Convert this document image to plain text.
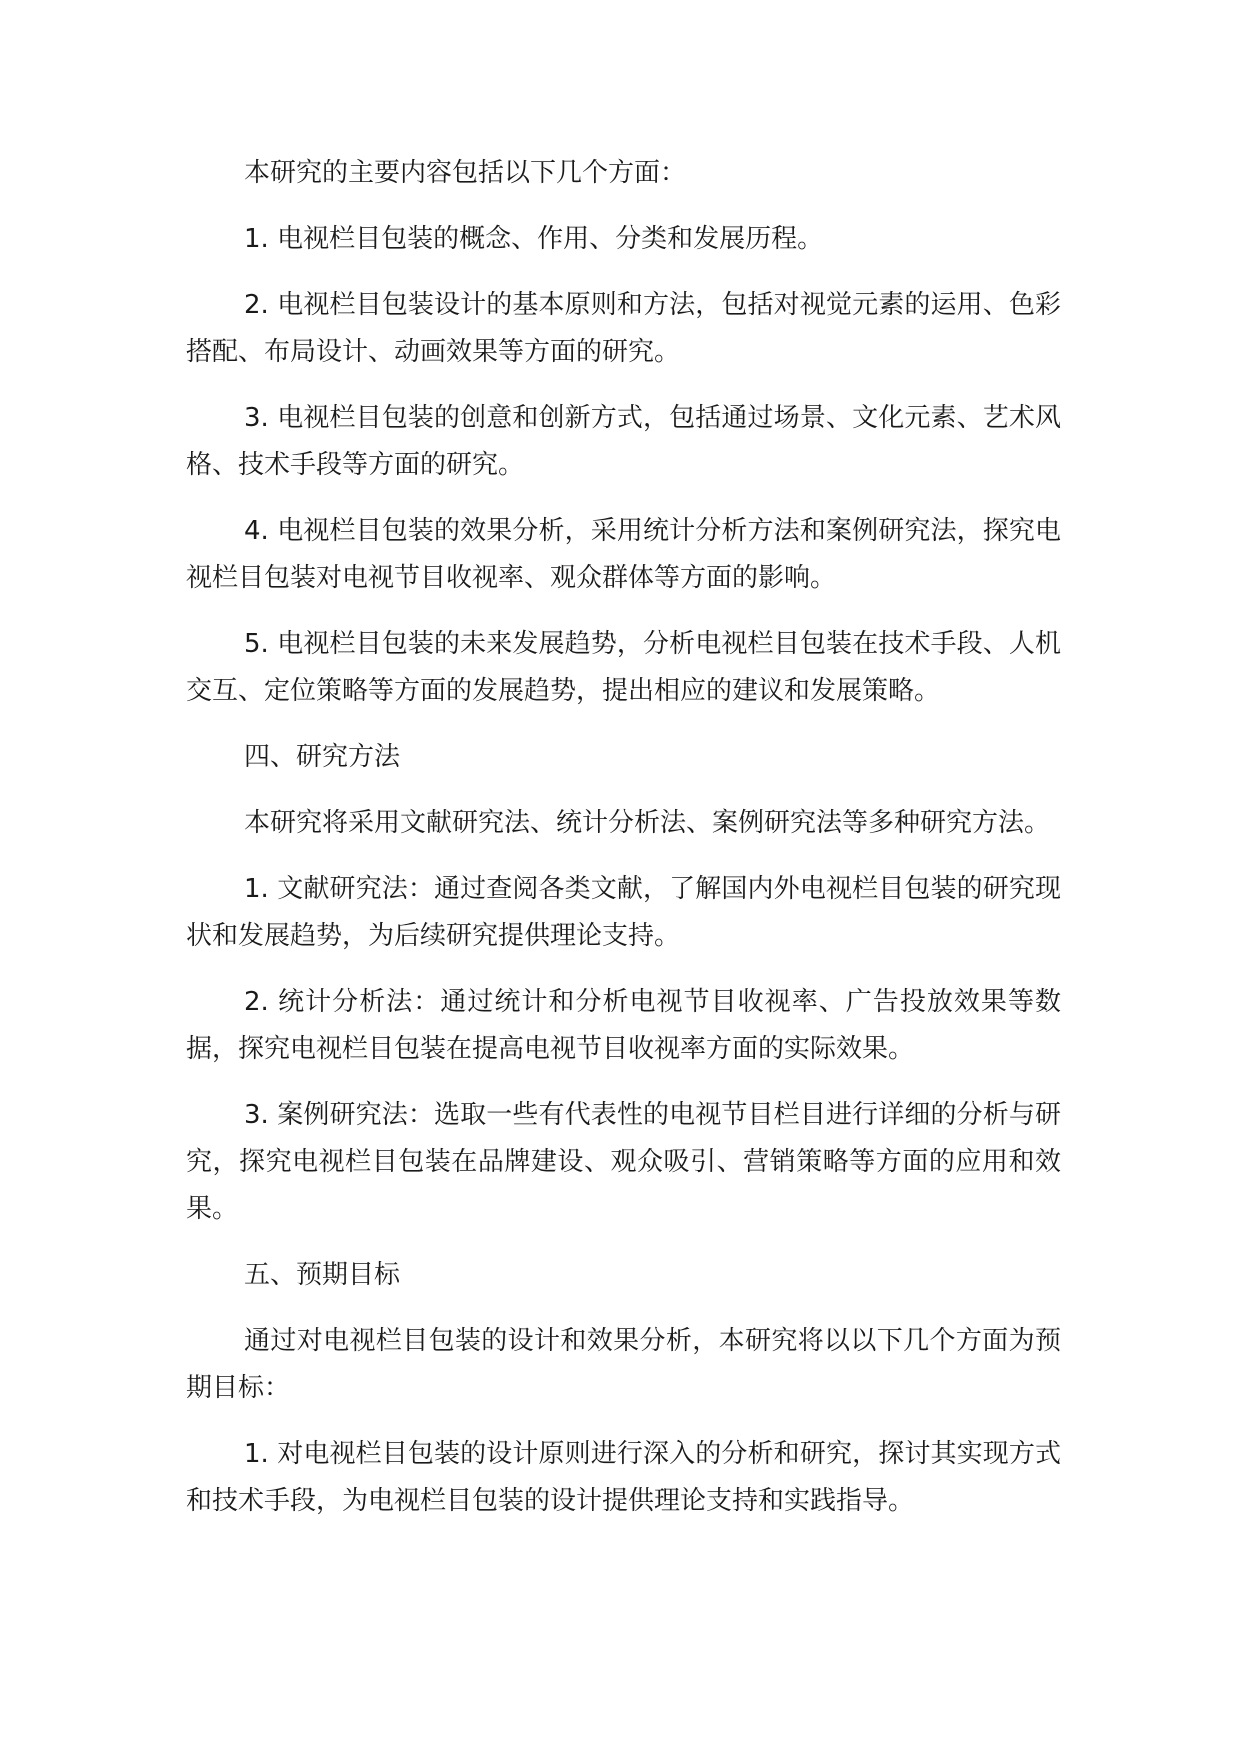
本研究的主要内容包括以下几个方面：

1. 电视栏目包装的概念、作用、分类和发展历程。

2. 电视栏目包装设计的基本原则和方法，包括对视觉元素的运用、色彩搭配、布局设计、动画效果等方面的研究。

3. 电视栏目包装的创意和创新方式，包括通过场景、文化元素、艺术风格、技术手段等方面的研究。

4. 电视栏目包装的效果分析，采用统计分析方法和案例研究法，探究电视栏目包装对电视节目收视率、观众群体等方面的影响。

5. 电视栏目包装的未来发展趋势，分析电视栏目包装在技术手段、人机交互、定位策略等方面的发展趋势，提出相应的建议和发展策略。

四、研究方法

本研究将采用文献研究法、统计分析法、案例研究法等多种研究方法。

1. 文献研究法：通过查阅各类文献，了解国内外电视栏目包装的研究现状和发展趋势，为后续研究提供理论支持。

2. 统计分析法：通过统计和分析电视节目收视率、广告投放效果等数据，探究电视栏目包装在提高电视节目收视率方面的实际效果。

3. 案例研究法：选取一些有代表性的电视节目栏目进行详细的分析与研究，探究电视栏目包装在品牌建设、观众吸引、营销策略等方面的应用和效果。

五、预期目标

通过对电视栏目包装的设计和效果分析，本研究将以以下几个方面为预期目标：

1. 对电视栏目包装的设计原则进行深入的分析和研究，探讨其实现方式和技术手段，为电视栏目包装的设计提供理论支持和实践指导。
